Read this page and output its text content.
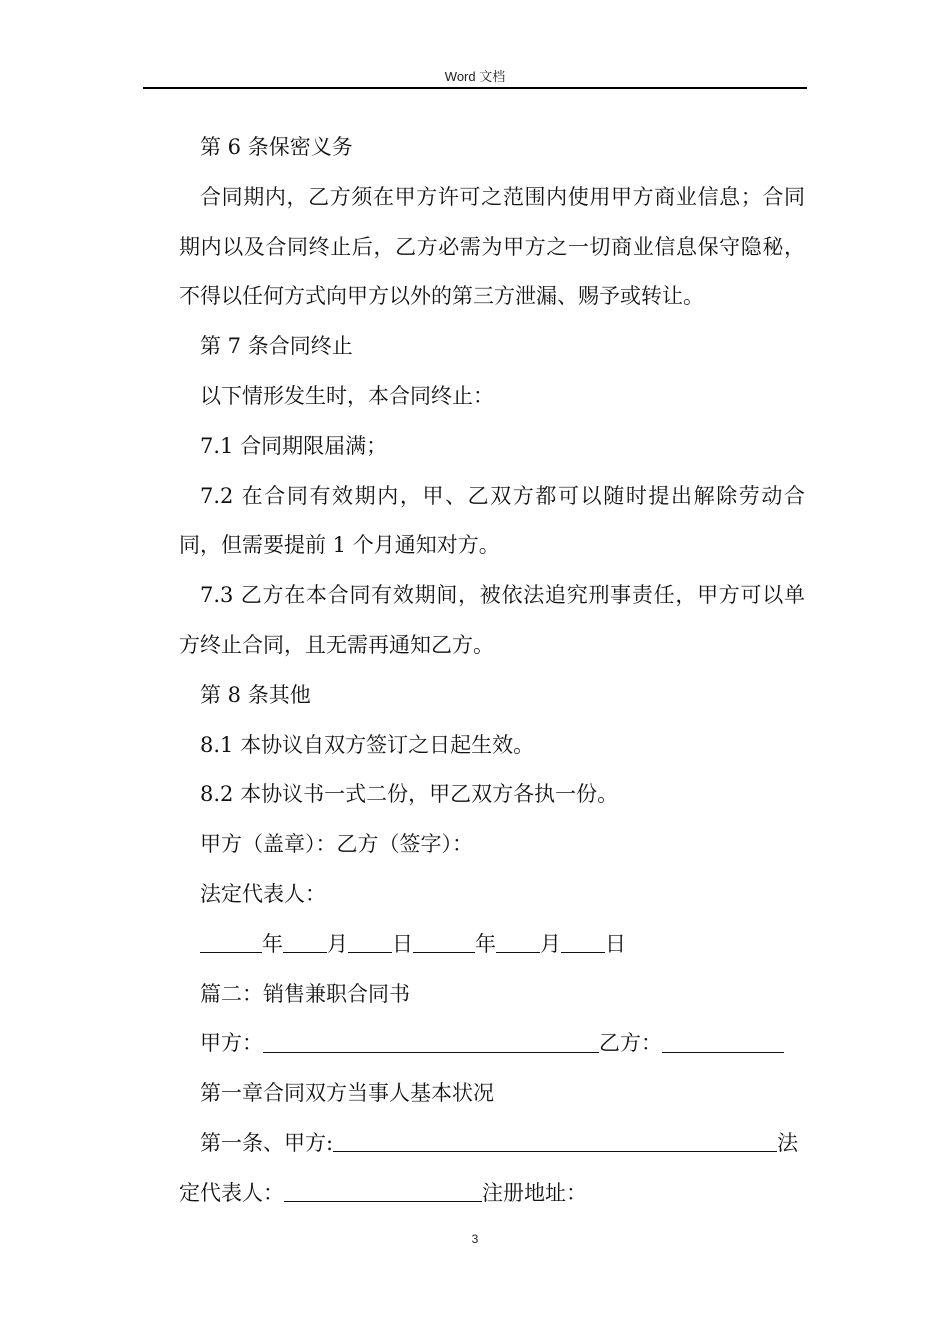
Word 文档

第 6 条保密义务

合同期内，乙方须在甲方许可之范围内使用甲方商业信息；合同期内以及合同终止后，乙方必需为甲方之一切商业信息保守隐秘，不得以任何方式向甲方以外的第三方泄漏、赐予或转让。

第 7 条合同终止

以下情形发生时，本合同终止：

7.1 合同期限届满；

7.2 在合同有效期内，甲、乙双方都可以随时提出解除劳动合同，但需要提前 1 个月通知对方。

7.3 乙方在本合同有效期间，被依法追究刑事责任，甲方可以单方终止合同，且无需再通知乙方。

第 8 条其他

8.1 本协议自双方签订之日起生效。

8.2 本协议书一式二份，甲乙双方各执一份。

甲方（盖章）：乙方（签字）：

法定代表人：

年 月 日	年 月 日

篇二：销售兼职合同书

甲方：	乙方：

第一章合同双方当事人基本状况

第一条、甲方:	法

定代表人：	注册地址：

3
